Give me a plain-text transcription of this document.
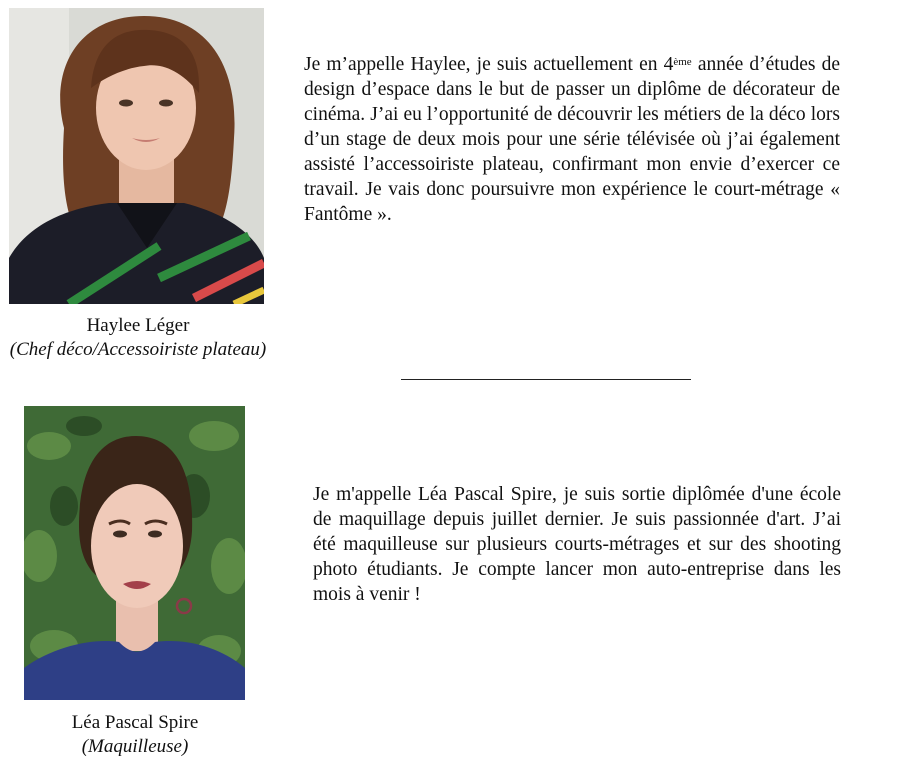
Haylee Léger
(Chef déco/Accessoiriste plateau)
Je m’appelle Haylee, je suis actuellement en 4ème année d’études de design d’espace dans le but de passer un diplôme de décorateur de cinéma. J’ai eu l’opportunité de découvrir les métiers de la déco lors d’un stage de deux mois pour une série télévisée où j’ai également assisté l’accessoiriste plateau, confirmant mon envie d’exercer ce travail. Je vais donc poursuivre mon expérience le court-métrage « Fantôme ».
Léa Pascal Spire
(Maquilleuse)
Je m'appelle Léa Pascal Spire, je suis sortie diplômée d'une école de maquillage depuis juillet dernier. Je suis passionnée d'art. J’ai été maquilleuse sur plusieurs courts-métrages et sur des shooting photo étudiants. Je compte lancer mon auto-entreprise dans les mois à venir !
